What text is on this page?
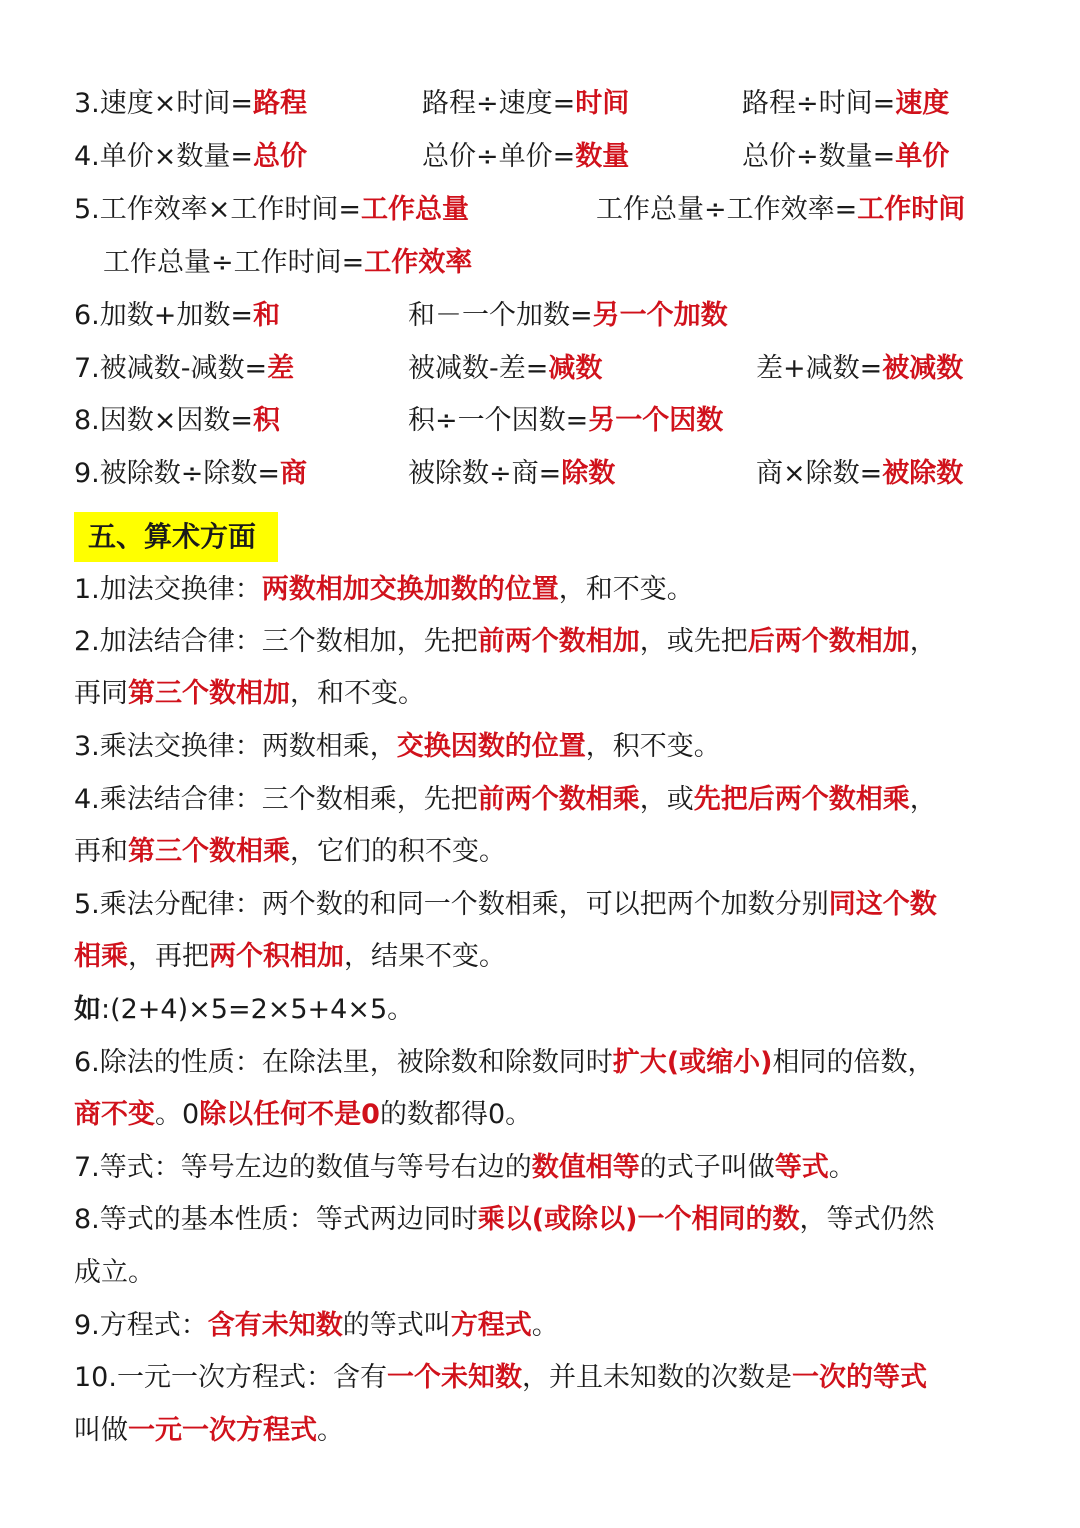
3.速度×时间=路程	路程÷速度=时间	路程÷时间=速度
4.单价×数量=总价	总价÷单价=数量	总价÷数量=单价
5.工作效率×工作时间=工作总量	工作总量÷工作效率=工作时间
工作总量÷工作时间=工作效率
6.加数+加数=和	和－一个加数=另一个加数
7.被减数-减数=差	被减数-差=减数	差+减数=被减数
8.因数×因数=积	积÷一个因数=另一个因数
9.被除数÷除数=商	被除数÷商=除数	商×除数=被除数
五、算术方面
1.加法交换律：两数相加交换加数的位置，和不变。
2.加法结合律：三个数相加，先把前两个数相加，或先把后两个数相加，
再同第三个数相加，和不变。
3.乘法交换律：两数相乘，交换因数的位置，积不变。
4.乘法结合律：三个数相乘，先把前两个数相乘，或先把后两个数相乘，
再和第三个数相乘，它们的积不变。
5.乘法分配律：两个数的和同一个数相乘，可以把两个加数分别同这个数
相乘，再把两个积相加，结果不变。
如:(2+4)×5=2×5+4×5。
6.除法的性质：在除法里，被除数和除数同时扩大(或缩小)相同的倍数，
商不变。0除以任何不是0的数都得0。
7.等式：等号左边的数值与等号右边的数值相等的式子叫做等式。
8.等式的基本性质：等式两边同时乘以(或除以)一个相同的数，等式仍然
成立。
9.方程式：含有未知数的等式叫方程式。
10.一元一次方程式：含有一个未知数，并且未知数的次数是一次的等式
叫做一元一次方程式。
